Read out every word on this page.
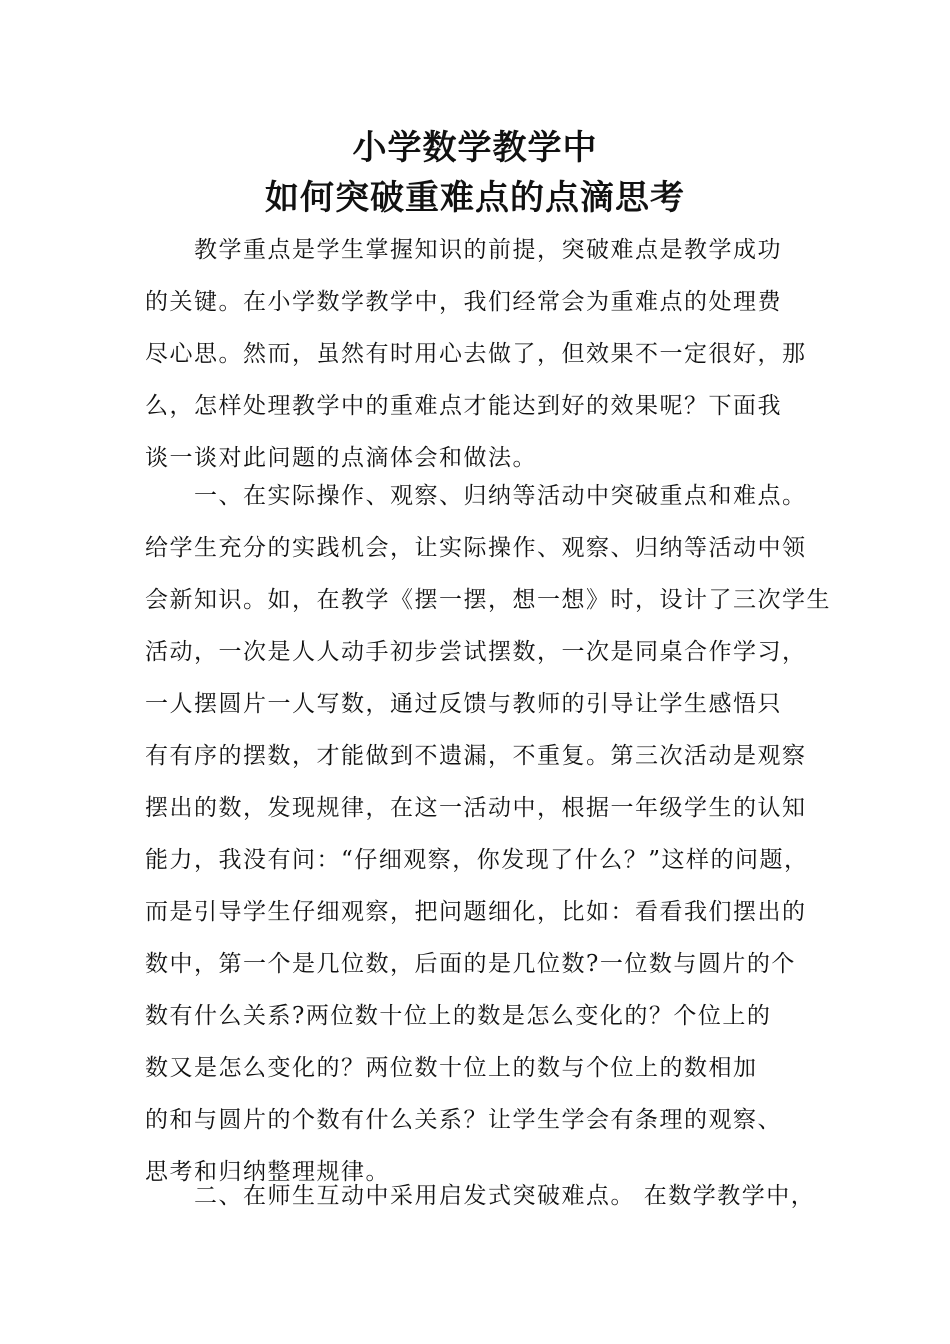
小学数学教学中
如何突破重难点的点滴思考
　　教学重点是学生掌握知识的前提，突破难点是教学成功
的关键。在小学数学教学中，我们经常会为重难点的处理费
尽心思。然而，虽然有时用心去做了，但效果不一定很好，那
么，怎样处理教学中的重难点才能达到好的效果呢？下面我
谈一谈对此问题的点滴体会和做法。
　　一、在实际操作、观察、归纳等活动中突破重点和难点。
给学生充分的实践机会，让实际操作、观察、归纳等活动中领
会新知识。如，在教学《摆一摆，想一想》时，设计了三次学生
活动，一次是人人动手初步尝试摆数，一次是同桌合作学习，
一人摆圆片一人写数，通过反馈与教师的引导让学生感悟只
有有序的摆数，才能做到不遗漏，不重复。第三次活动是观察
摆出的数，发现规律，在这一活动中，根据一年级学生的认知
能力，我没有问：“仔细观察，你发现了什么？”这样的问题，
而是引导学生仔细观察，把问题细化，比如：看看我们摆出的
数中，第一个是几位数，后面的是几位数?一位数与圆片的个
数有什么关系?两位数十位上的数是怎么变化的？个位上的
数又是怎么变化的？两位数十位上的数与个位上的数相加
的和与圆片的个数有什么关系？让学生学会有条理的观察、
思考和归纳整理规律。
　　二、在师生互动中采用启发式突破难点。 在数学教学中，
